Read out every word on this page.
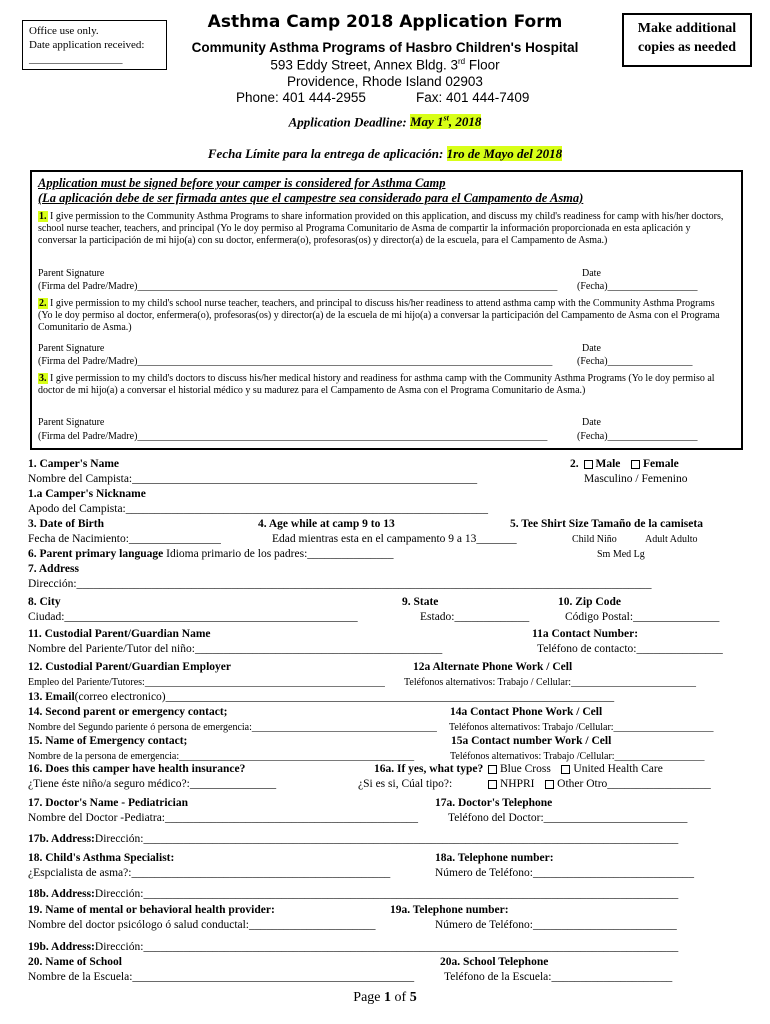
Office use only.
Date application received:
_________________
Make additional copies as needed
Asthma Camp 2018 Application Form
Community Asthma Programs of Hasbro Children's Hospital
593 Eddy Street, Annex Bldg. 3rd Floor
Providence, Rhode Island 02903
Phone: 401 444-2955	Fax: 401 444-7409
Application Deadline: May 1st, 2018
Fecha Límite para la entrega de aplicación: 1ro de Mayo del 2018
Application must be signed before your camper is considered for Asthma Camp
(La aplicación debe de ser firmada antes que el campestre sea considerado para el Campamento de Asma)
1. I give permission to the Community Asthma Programs to share information provided on this application, and discuss my child's readiness for camp with his/her doctors, school nurse teacher, teachers, and principal (Yo le doy permiso al Programa Comunitario de Asma de compartir la información proporcionada en esta aplicación y conversar la participación de mi hijo(a) con su doctor, enfermera(o), profesoras(os) y director(a) de la escuela, para el Campamento de Asma.)
Parent Signature	Date
(Firma del Padre/Madre)____________________________________________________________________________________ (Fecha)__________________
2. I give permission to my child's school nurse teacher, teachers, and principal to discuss his/her readiness to attend asthma camp with the Community Asthma Programs (Yo le doy permiso al doctor, enfermera(o), profesoras(os) y director(a) de la escuela de mi hijo(a) a conversar la participación del Campamento de Asma con el Programa Comunitario de Asma.)
Parent Signature	Date
(Firma del Padre/Madre)___________________________________________________________________________________ (Fecha)_________________
3. I give permission to my child's doctors to discuss his/her medical history and readiness for asthma camp with the Community Asthma Programs (Yo le doy permiso al doctor de mi hijo(a) a conversar el historial médico y su madurez para el Campamento de Asma con el Programa Comunitario de Asma.)
Parent Signature	Date
(Firma del Padre/Madre)__________________________________________________________________________________	(Fecha)__________________
1. Camper's Name
Nombre del Campista:____________________________________________________________
2. Male Female
Masculino / Femenino
1.a Camper's Nickname
Apodo del Campista:_______________________________________________________________
3. Date of Birth
Fecha de Nacimiento:________________
4. Age while at camp 9 to 13
Edad mientras esta en el campamento 9 a 13_______
5. Tee Shirt Size Tamaño de la camiseta
Child Niño	Adult Adulto
Sm Med Lg
6. Parent primary language Idioma primario de los padres:_______________
7. Address
Dirección:____________________________________________________________________________________________________
8. City
Ciudad:___________________________________________________
9. State
Estado:_____________
10. Zip Code
Código Postal:_______________
11. Custodial Parent/Guardian Name
Nombre del Pariente/Tutor del niño:___________________________________________
11a Contact Number:
Teléfono de contacto:_______________
12. Custodial Parent/Guardian Employer
Empleo del Pariente/Tutores:________________________________________________
12a Alternate Phone Work / Cell
Teléfonos alternativos: Trabajo / Cellular:_________________________
13. Email(correo electronico)______________________________________________________________________________
14. Second parent or emergency contact;
Nombre del Segundo pariente ó persona de emergencia:_____________________________________
14a Contact Phone Work / Cell
Teléfonos alternativos: Trabajo /Cellular:____________________
15. Name of Emergency contact;
Nombre de la persona de emergencia:_______________________________________________
15a Contact number Work / Cell
Teléfonos alternativos: Trabajo /Cellular:__________________
16. Does this camper have health insurance?
¿Tiene éste niño/a seguro médico?:_______________
16a. If yes, what type?
¿Si es si, Cúal tipo?:
Blue Cross United Health Care
NHPRI Other Otro__________________
17. Doctor's Name - Pediatrician
Nombre del Doctor -Pediatra:____________________________________________
17a. Doctor's Telephone
Teléfono del Doctor:_________________________
17b. Address:Dirección:_____________________________________________________________________________________________
18. Child's Asthma Specialist:
¿Espcialista de asma?:_____________________________________________
18a. Telephone number:
Número de Teléfono:____________________________
18b. Address:Dirección:_____________________________________________________________________________________________
19. Name of mental or behavioral health provider:
Nombre del doctor psicólogo ó salud conductal:______________________
19a. Telephone number:
Número de Teléfono:_________________________
19b. Address:Dirección:_____________________________________________________________________________________________
20. Name of School
Nombre de la Escuela:_________________________________________________
20a. School Telephone
Teléfono de la Escuela:_____________________
Page 1 of 5
